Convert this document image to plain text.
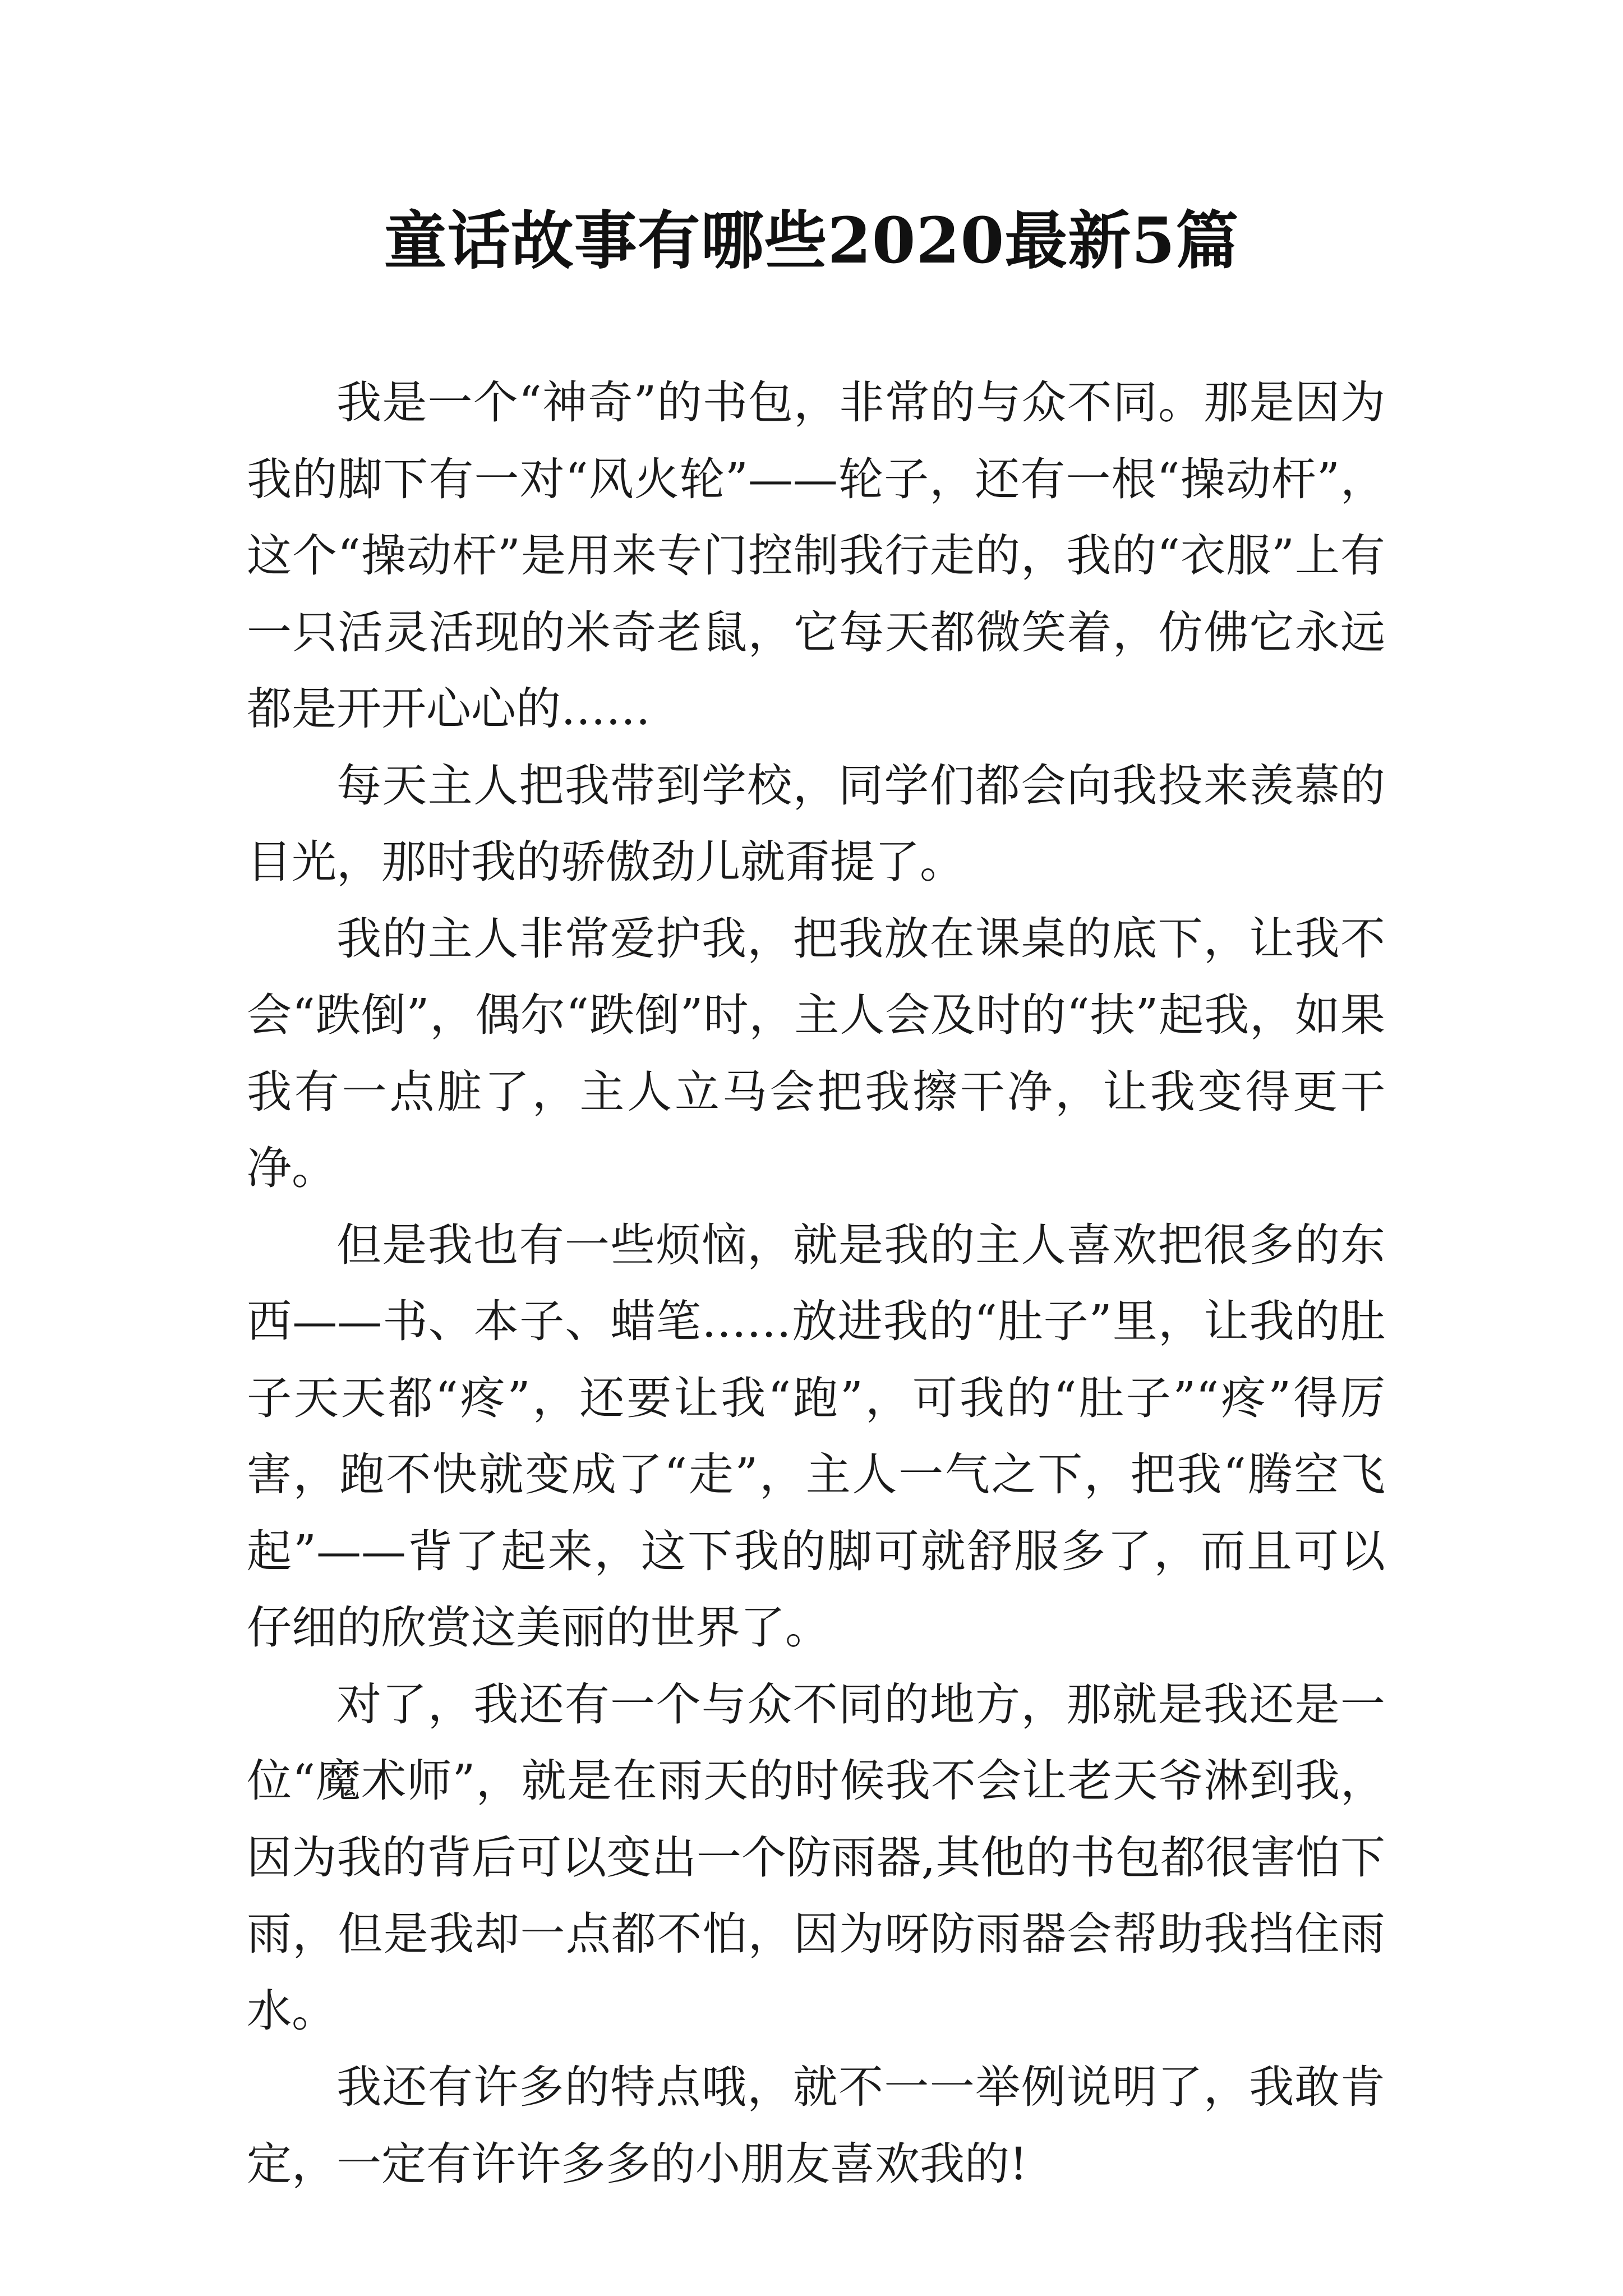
童话故事有哪些2020最新5篇

我是一个“神奇”的书包，非常的与众不同。那是因为我的脚下有一对“风火轮”——轮子，还有一根“操动杆”，这个“操动杆”是用来专门控制我行走的，我的“衣服”上有一只活灵活现的米奇老鼠，它每天都微笑着，仿佛它永远都是开开心心的……

每天主人把我带到学校，同学们都会向我投来羡慕的目光，那时我的骄傲劲儿就甭提了。

我的主人非常爱护我，把我放在课桌的底下，让我不会“跌倒”，偶尔“跌倒”时，主人会及时的“扶”起我，如果我有一点脏了，主人立马会把我擦干净，让我变得更干净。

但是我也有一些烦恼，就是我的主人喜欢把很多的东西——书、本子、蜡笔……放进我的“肚子”里，让我的肚子天天都“疼”，还要让我“跑”，可我的“肚子”“疼”得厉害，跑不快就变成了“走”，主人一气之下，把我“腾空飞起”——背了起来，这下我的脚可就舒服多了，而且可以仔细的欣赏这美丽的世界了。

对了，我还有一个与众不同的地方，那就是我还是一位“魔术师”，就是在雨天的时候我不会让老天爷淋到我，因为我的背后可以变出一个防雨器,其他的书包都很害怕下雨，但是我却一点都不怕，因为呀防雨器会帮助我挡住雨水。

我还有许多的特点哦，就不一一举例说明了，我敢肯定，一定有许许多多的小朋友喜欢我的!
